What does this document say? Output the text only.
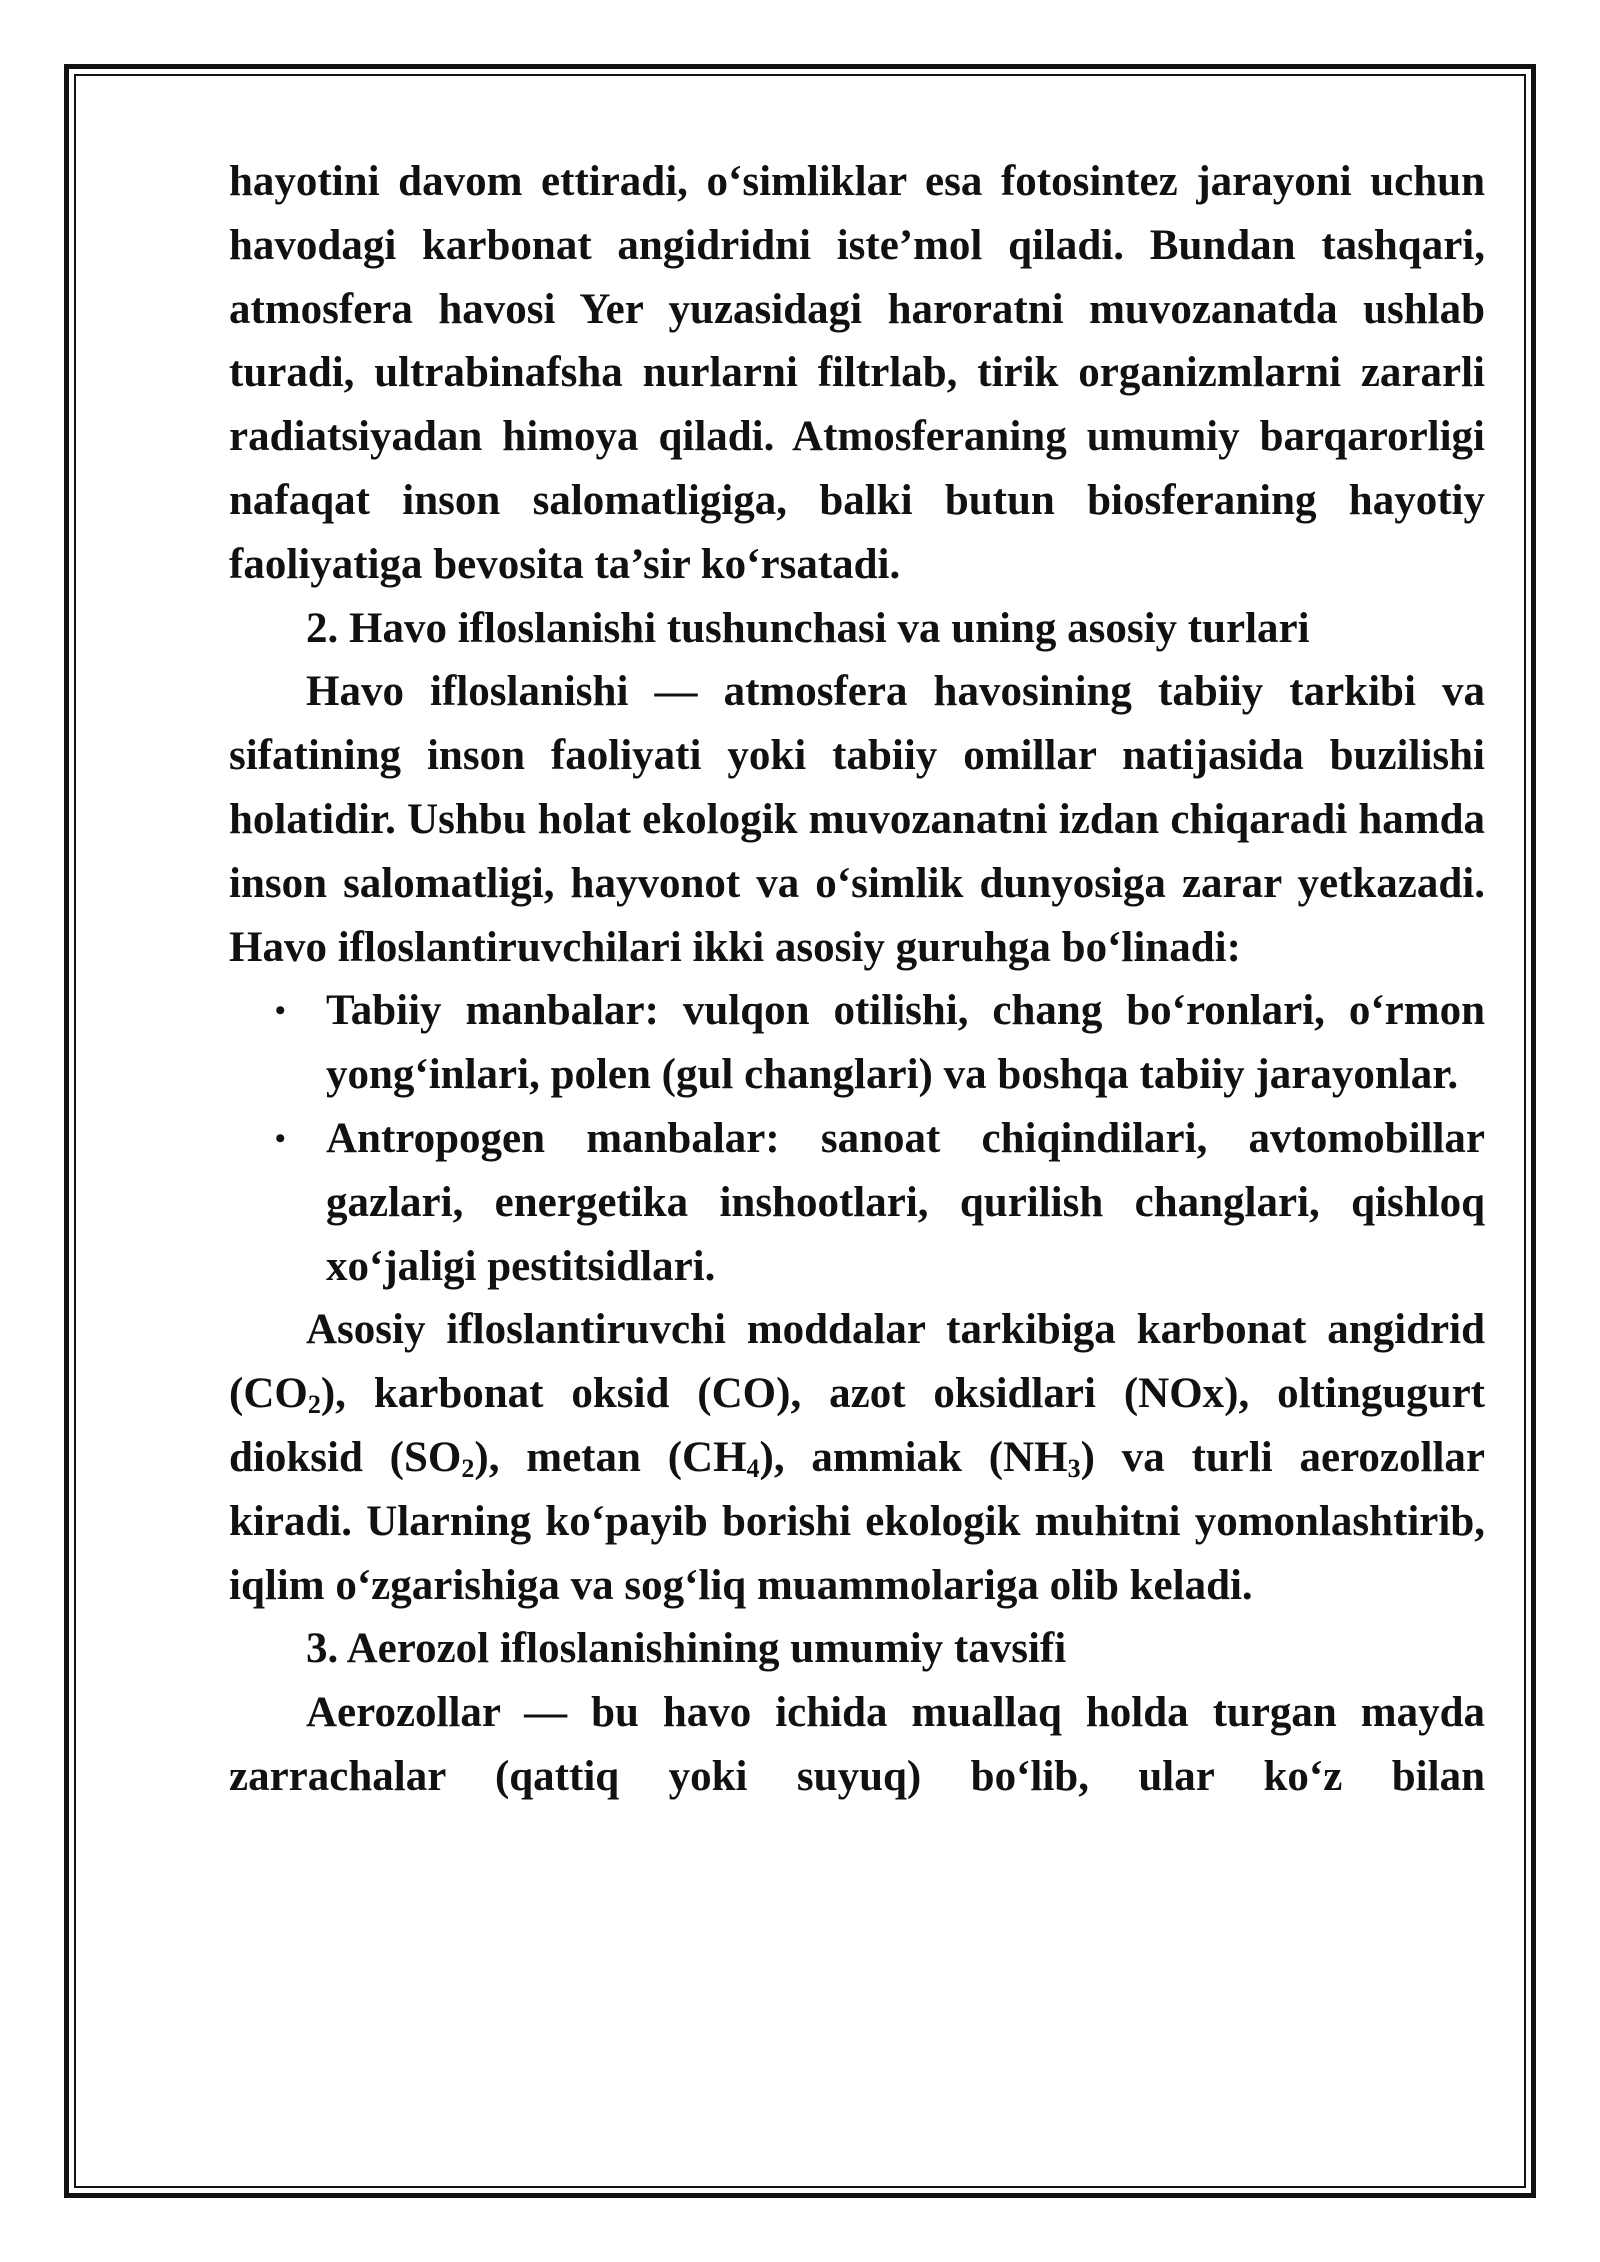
hayotini davom ettiradi, o‘simliklar esa fotosintez jarayoni uchun havodagi karbonat angidridni iste’mol qiladi. Bundan tashqari, atmosfera havosi Yer yuzasidagi haroratni muvozanatda ushlab turadi, ultrabinafsha nurlarni filtrlab, tirik organizmlarni zararli radiatsiyadan himoya qiladi. Atmosferaning umumiy barqarorligi nafaqat inson salomatligiga, balki butun biosferaning hayotiy faoliyatiga bevosita ta’sir ko‘rsatadi.

2. Havo ifloslanishi tushunchasi va uning asosiy turlari

Havo ifloslanishi — atmosfera havosining tabiiy tarkibi va sifatining inson faoliyati yoki tabiiy omillar natijasida buzilishi holatidir. Ushbu holat ekologik muvozanatni izdan chiqaradi hamda inson salomatligi, hayvonot va o‘simlik dunyosiga zarar yetkazadi. Havo ifloslantiruvchilari ikki asosiy guruhga bo‘linadi:

• Tabiiy manbalar: vulqon otilishi, chang bo‘ronlari, o‘rmon yong‘inlari, polen (gul changlari) va boshqa tabiiy jarayonlar.
• Antropogen manbalar: sanoat chiqindilari, avtomobillar gazlari, energetika inshootlari, qurilish changlari, qishloq xo‘jaligi pestitsidlari.

Asosiy ifloslantiruvchi moddalar tarkibiga karbonat angidrid $(CO_2)$, karbonat oksid (CO), azot oksidlari (NOx), oltingugurt dioksid $(SO_2)$, metan $(CH_4)$, ammiak $(NH_3)$ va turli aerozollar kiradi. Ularning ko‘payib borishi ekologik muhitni yomonlashtirib, iqlim o‘zgarishiga va sog‘liq muammolariga olib keladi.

3. Aerozol ifloslanishining umumiy tavsifi

Aerozollar — bu havo ichida muallaq holda turgan mayda zarrachalar (qattiq yoki suyuq) bo‘lib, ular ko‘z bilan
